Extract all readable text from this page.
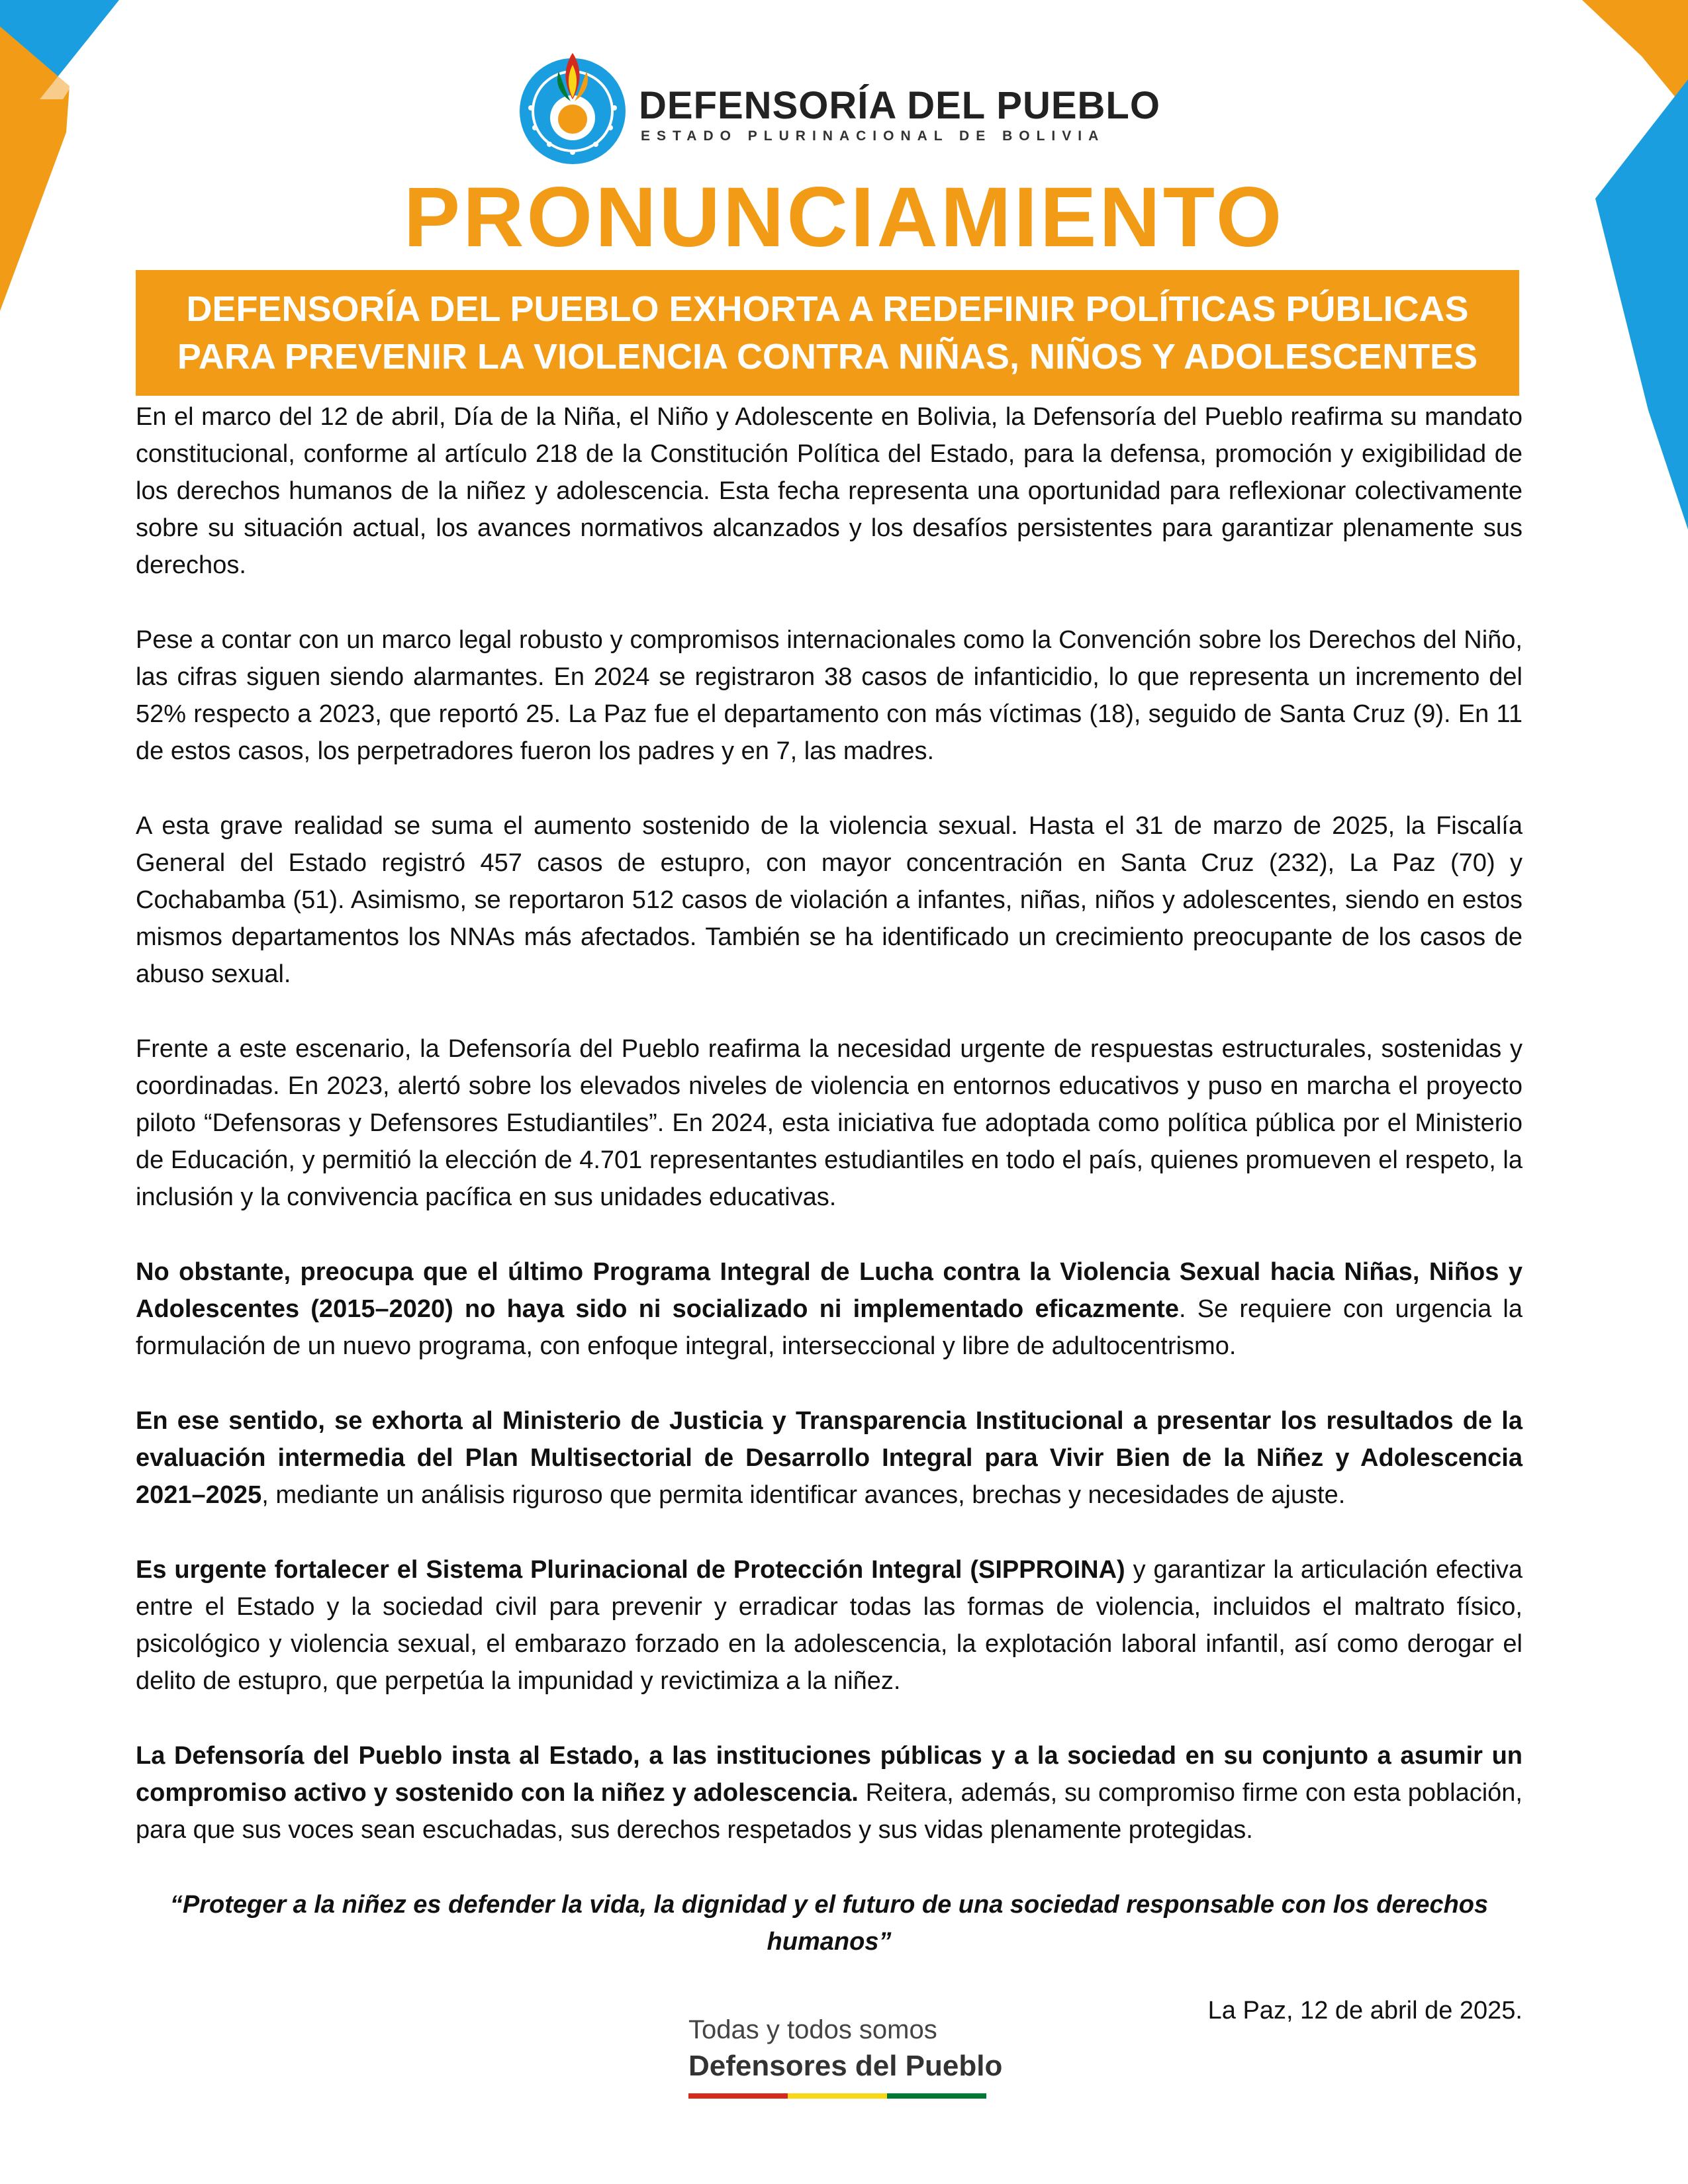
DEFENSORÍA DEL PUEBLO
ESTADO PLURINACIONAL DE BOLIVIA
PRONUNCIAMIENTO
DEFENSORÍA DEL PUEBLO EXHORTA A REDEFINIR POLÍTICAS PÚBLICAS
PARA PREVENIR LA VIOLENCIA CONTRA NIÑAS, NIÑOS Y ADOLESCENTES

En el marco del 12 de abril, Día de la Niña, el Niño y Adolescente en Bolivia, la Defensoría del Pueblo reafirma su mandato constitucional, conforme al artículo 218 de la Constitución Política del Estado, para la defensa, promoción y exigibilidad de los derechos humanos de la niñez y adolescencia. Esta fecha representa una oportunidad para reflexionar colectivamente sobre su situación actual, los avances normativos alcanzados y los desafíos persistentes para garantizar plenamente sus derechos.

Pese a contar con un marco legal robusto y compromisos internacionales como la Convención sobre los Derechos del Niño, las cifras siguen siendo alarmantes. En 2024 se registraron 38 casos de infanticidio, lo que representa un incremento del 52% respecto a 2023, que reportó 25. La Paz fue el departamento con más víctimas (18), seguido de Santa Cruz (9). En 11 de estos casos, los perpetradores fueron los padres y en 7, las madres.

A esta grave realidad se suma el aumento sostenido de la violencia sexual. Hasta el 31 de marzo de 2025, la Fiscalía General del Estado registró 457 casos de estupro, con mayor concentración en Santa Cruz (232), La Paz (70) y Cochabamba (51). Asimismo, se reportaron 512 casos de violación a infantes, niñas, niños y adolescentes, siendo en estos mismos departamentos los NNAs más afectados. También se ha identificado un crecimiento preocupante de los casos de abuso sexual.

Frente a este escenario, la Defensoría del Pueblo reafirma la necesidad urgente de respuestas estructurales, sostenidas y coordinadas. En 2023, alertó sobre los elevados niveles de violencia en entornos educativos y puso en marcha el proyecto piloto “Defensoras y Defensores Estudiantiles”. En 2024, esta iniciativa fue adoptada como política pública por el Ministerio de Educación, y permitió la elección de 4.701 representantes estudiantiles en todo el país, quienes promueven el respeto, la inclusión y la convivencia pacífica en sus unidades educativas.

No obstante, preocupa que el último Programa Integral de Lucha contra la Violencia Sexual hacia Niñas, Niños y Adolescentes (2015–2020) no haya sido ni socializado ni implementado eficazmente. Se requiere con urgencia la formulación de un nuevo programa, con enfoque integral, interseccional y libre de adultocentrismo.

En ese sentido, se exhorta al Ministerio de Justicia y Transparencia Institucional a presentar los resultados de la evaluación intermedia del Plan Multisectorial de Desarrollo Integral para Vivir Bien de la Niñez y Adolescencia 2021–2025, mediante un análisis riguroso que permita identificar avances, brechas y necesidades de ajuste.

Es urgente fortalecer el Sistema Plurinacional de Protección Integral (SIPPROINA) y garantizar la articulación efectiva entre el Estado y la sociedad civil para prevenir y erradicar todas las formas de violencia, incluidos el maltrato físico, psicológico y violencia sexual, el embarazo forzado en la adolescencia, la explotación laboral infantil, así como derogar el delito de estupro, que perpetúa la impunidad y revictimiza a la niñez.

La Defensoría del Pueblo insta al Estado, a las instituciones públicas y a la sociedad en su conjunto a asumir un compromiso activo y sostenido con la niñez y adolescencia. Reitera, además, su compromiso firme con esta población, para que sus voces sean escuchadas, sus derechos respetados y sus vidas plenamente protegidas.

“Proteger a la niñez es defender la vida, la dignidad y el futuro de una sociedad responsable con los derechos humanos”

La Paz, 12 de abril de 2025.

Todas y todos somos
Defensores del Pueblo
